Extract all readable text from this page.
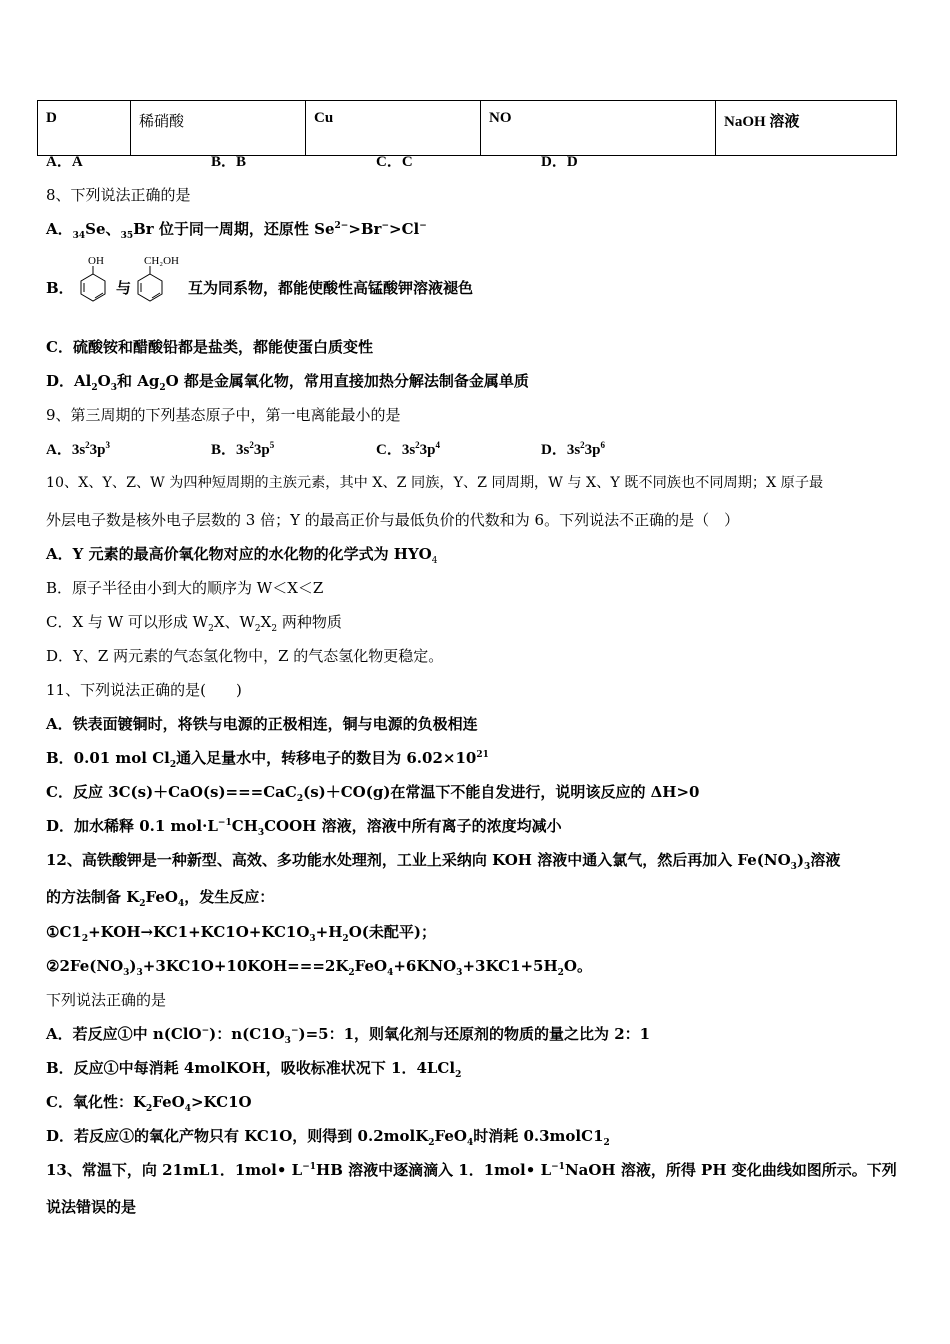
D	稀硝酸	Cu	NO	NaOH 溶液
A．A	B．B	C．C	D．D
8、下列说法正确的是
A．$_{34}$Se、$_{35}$Br 位于同一周期，还原性 $Se^{2-}>Br^->Cl^-$
B．
OH
与
CH₂OH
互为同系物，都能使酸性高锰酸钾溶液褪色
C．硫酸铵和醋酸铅都是盐类，都能使蛋白质变性
D．$Al_2O_3$和 $Ag_2O$ 都是金属氧化物，常用直接加热分解法制备金属单质
9、第三周期的下列基态原子中，第一电离能最小的是
A．$3s^23p^3$	B．$3s^23p^5$	C．$3s^23p^4$	D．$3s^23p^6$
10、X、Y、Z、W 为四种短周期的主族元素，其中 X、Z 同族，Y、Z 同周期，W 与 X、Y 既不同族也不同周期；X 原子最
外层电子数是核外电子层数的 3 倍；Y 的最高正价与最低负价的代数和为 6。下列说法不正确的是（　）
A．Y 元素的最高价氧化物对应的水化物的化学式为 $HYO_4$
B．原子半径由小到大的顺序为 W＜X＜Z
C．X 与 W 可以形成 $W_2X$、$W_2X_2$ 两种物质
D．Y、Z 两元素的气态氢化物中，Z 的气态氢化物更稳定。
11、下列说法正确的是(　　)
A．铁表面镀铜时，将铁与电源的正极相连，铜与电源的负极相连
B．0.01 mol $Cl_2$通入足量水中，转移电子的数目为 $6.02\times 10^{21}$
C．反应 3C(s)＋CaO(s)===CaC$_2$(s)＋CO(g)在常温下不能自发进行，说明该反应的 ΔH>0
D．加水稀释 0.1 $mol\cdot L^{-1}CH_3COOH$ 溶液，溶液中所有离子的浓度均减小
12、高铁酸钾是一种新型、高效、多功能水处理剂，工业上采纳向 KOH 溶液中通入氯气，然后再加入 $Fe(NO_3)_3$溶液
的方法制备 $K_2FeO_4$，发生反应：
$①C1_2+KOH\to KC1+KC1O+KC1O_3+H_2O$(未配平)；
$②2Fe(NO_3)_3+3KC1O+10KOH===2K_2FeO_4+6KNO_3+3KC1+5H_2O$。
下列说法正确的是
A．若反应①中 n(ClO−)：$n(C1O_3^-)=5$：1，则氧化剂与还原剂的物质的量之比为 2：1
B．反应①中每消耗 4molKOH，吸收标准状况下 1．4LCl$_2$
C．氧化性：$K_2FeO_4>KC1O$
D．若反应①的氧化产物只有 KC1O，则得到 0.2molK$_2$FeO$_4$时消耗 $0.3molC1_2$
13、常温下，向 21mL1．1mol• $L^{-1}HB$ 溶液中逐滴滴入 1．1mol• $L^{-1}NaOH$ 溶液，所得 PH 变化曲线如图所示。下列
说法错误的是
